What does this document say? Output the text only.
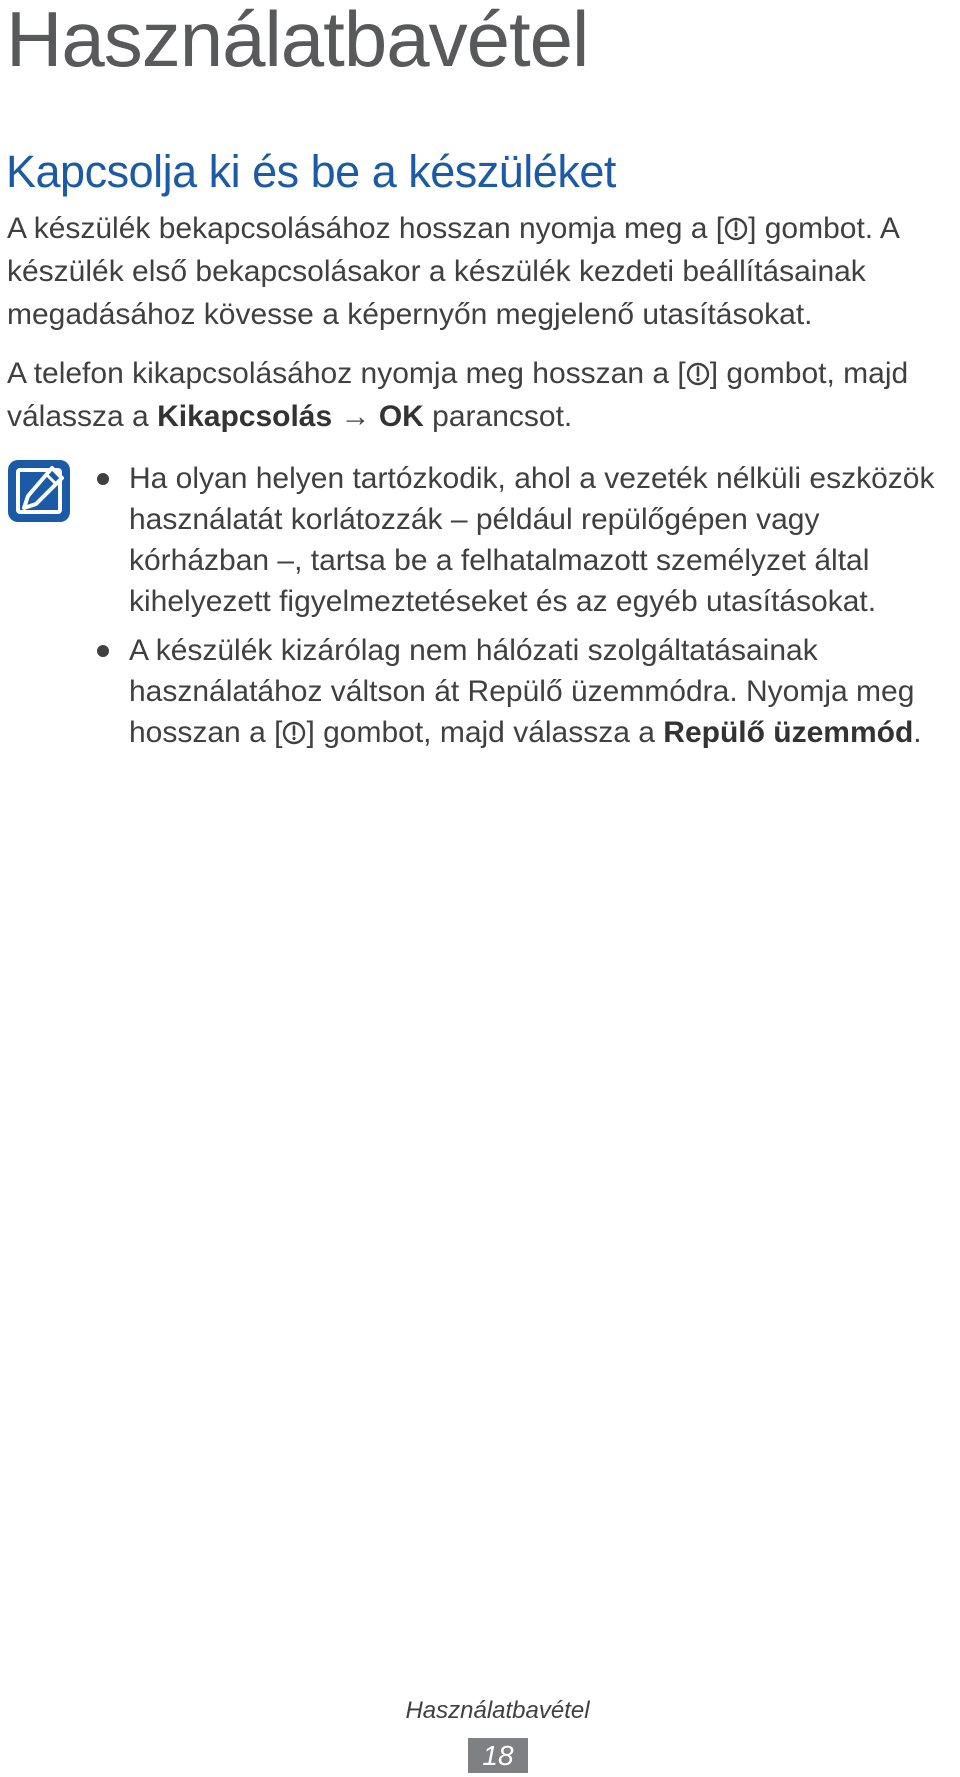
Használatbavétel
Kapcsolja ki és be a készüléket

A készülék bekapcsolásához hosszan nyomja meg a [ ] gombot. A készülék első bekapcsolásakor a készülék kezdeti beállításainak megadásához kövesse a képernyőn megjelenő utasításokat.

A telefon kikapcsolásához nyomja meg hosszan a [ ] gombot, majd válassza a Kikapcsolás → OK parancsot.

Ha olyan helyen tartózkodik, ahol a vezeték nélküli eszközök használatát korlátozzák – például repülőgépen vagy kórházban –, tartsa be a felhatalmazott személyzet által kihelyezett figyelmeztetéseket és az egyéb utasításokat.
A készülék kizárólag nem hálózati szolgáltatásainak használatához váltson át Repülő üzemmódra. Nyomja meg hosszan a [ ] gombot, majd válassza a Repülő üzemmód.
Használatbavétel
18
